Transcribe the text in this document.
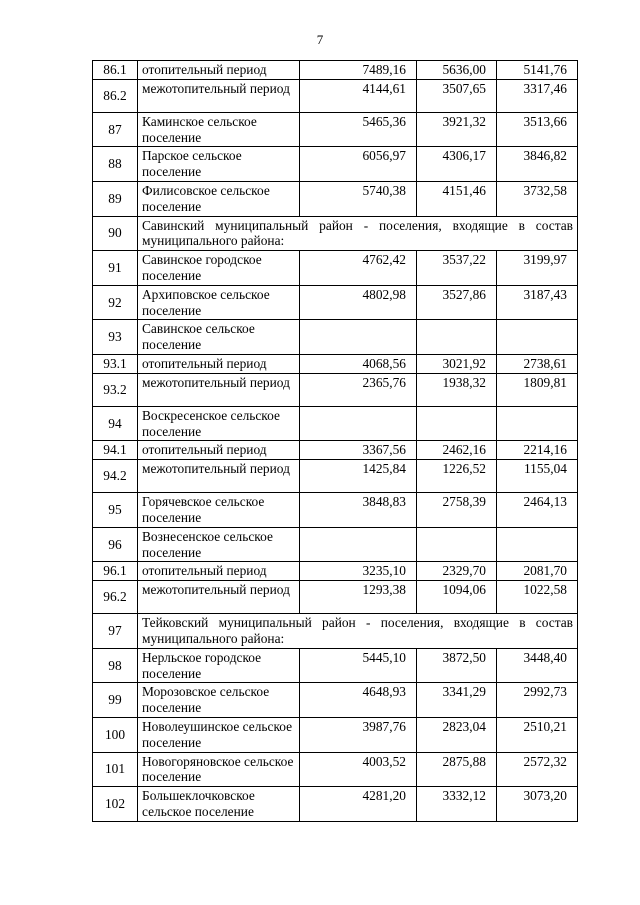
7
86.1	отопительный период	7489,16	5636,00	5141,76
86.2	межотопительный период	4144,61	3507,65	3317,46
87	Каминское сельское поселение	5465,36	3921,32	3513,66
88	Парское сельское поселение	6056,97	4306,17	3846,82
89	Филисовское сельское поселение	5740,38	4151,46	3732,58
90	Савинский муниципальный район - поселения, входящие в состав муниципального района:			
91	Савинское городское поселение	4762,42	3537,22	3199,97
92	Архиповское сельское поселение	4802,98	3527,86	3187,43
93	Савинское сельское поселение			
93.1	отопительный период	4068,56	3021,92	2738,61
93.2	межотопительный период	2365,76	1938,32	1809,81
94	Воскресенское сельское поселение			
94.1	отопительный период	3367,56	2462,16	2214,16
94.2	межотопительный период	1425,84	1226,52	1155,04
95	Горячевское сельское поселение	3848,83	2758,39	2464,13
96	Вознесенское сельское поселение			
96.1	отопительный период	3235,10	2329,70	2081,70
96.2	межотопительный период	1293,38	1094,06	1022,58
97	Тейковский муниципальный район - поселения, входящие в состав муниципального района:			
98	Нерльское городское поселение	5445,10	3872,50	3448,40
99	Морозовское сельское поселение	4648,93	3341,29	2992,73
100	Новолеушинское сельское поселение	3987,76	2823,04	2510,21
101	Новогоряновское сельское поселение	4003,52	2875,88	2572,32
102	Большеклочковское сельское поселение	4281,20	3332,12	3073,20
